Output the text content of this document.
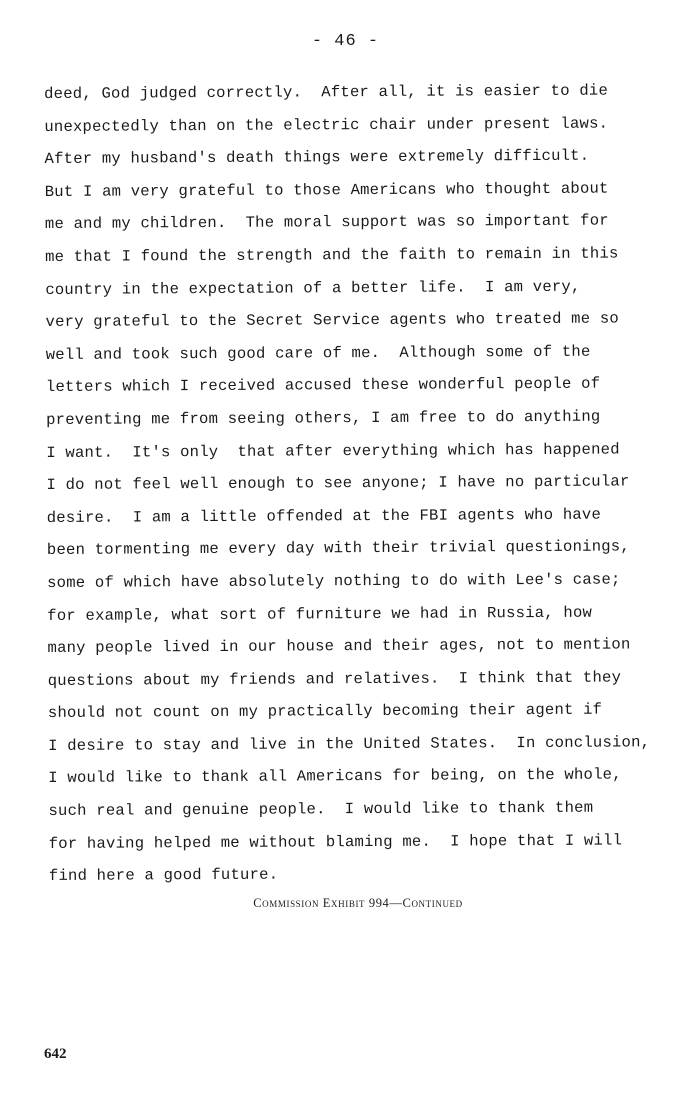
- 46 -
deed, God judged correctly.  After all, it is easier to die
unexpectedly than on the electric chair under present laws.
After my husband's death things were extremely difficult.
But I am very grateful to those Americans who thought about
me and my children.  The moral support was so important for
me that I found the strength and the faith to remain in this
country in the expectation of a better life.  I am very,
very grateful to the Secret Service agents who treated me so
well and took such good care of me.  Although some of the
letters which I received accused these wonderful people of
preventing me from seeing others, I am free to do anything
I want.  It's only  that after everything which has happened
I do not feel well enough to see anyone; I have no particular
desire.  I am a little offended at the FBI agents who have
been tormenting me every day with their trivial questionings,
some of which have absolutely nothing to do with Lee's case;
for example, what sort of furniture we had in Russia, how
many people lived in our house and their ages, not to mention
questions about my friends and relatives.  I think that they
should not count on my practically becoming their agent if
I desire to stay and live in the United States.  In conclusion,
I would like to thank all Americans for being, on the whole,
such real and genuine people.  I would like to thank them
for having helped me without blaming me.  I hope that I will
find here a good future.
Commission Exhibit 994—Continued
642
